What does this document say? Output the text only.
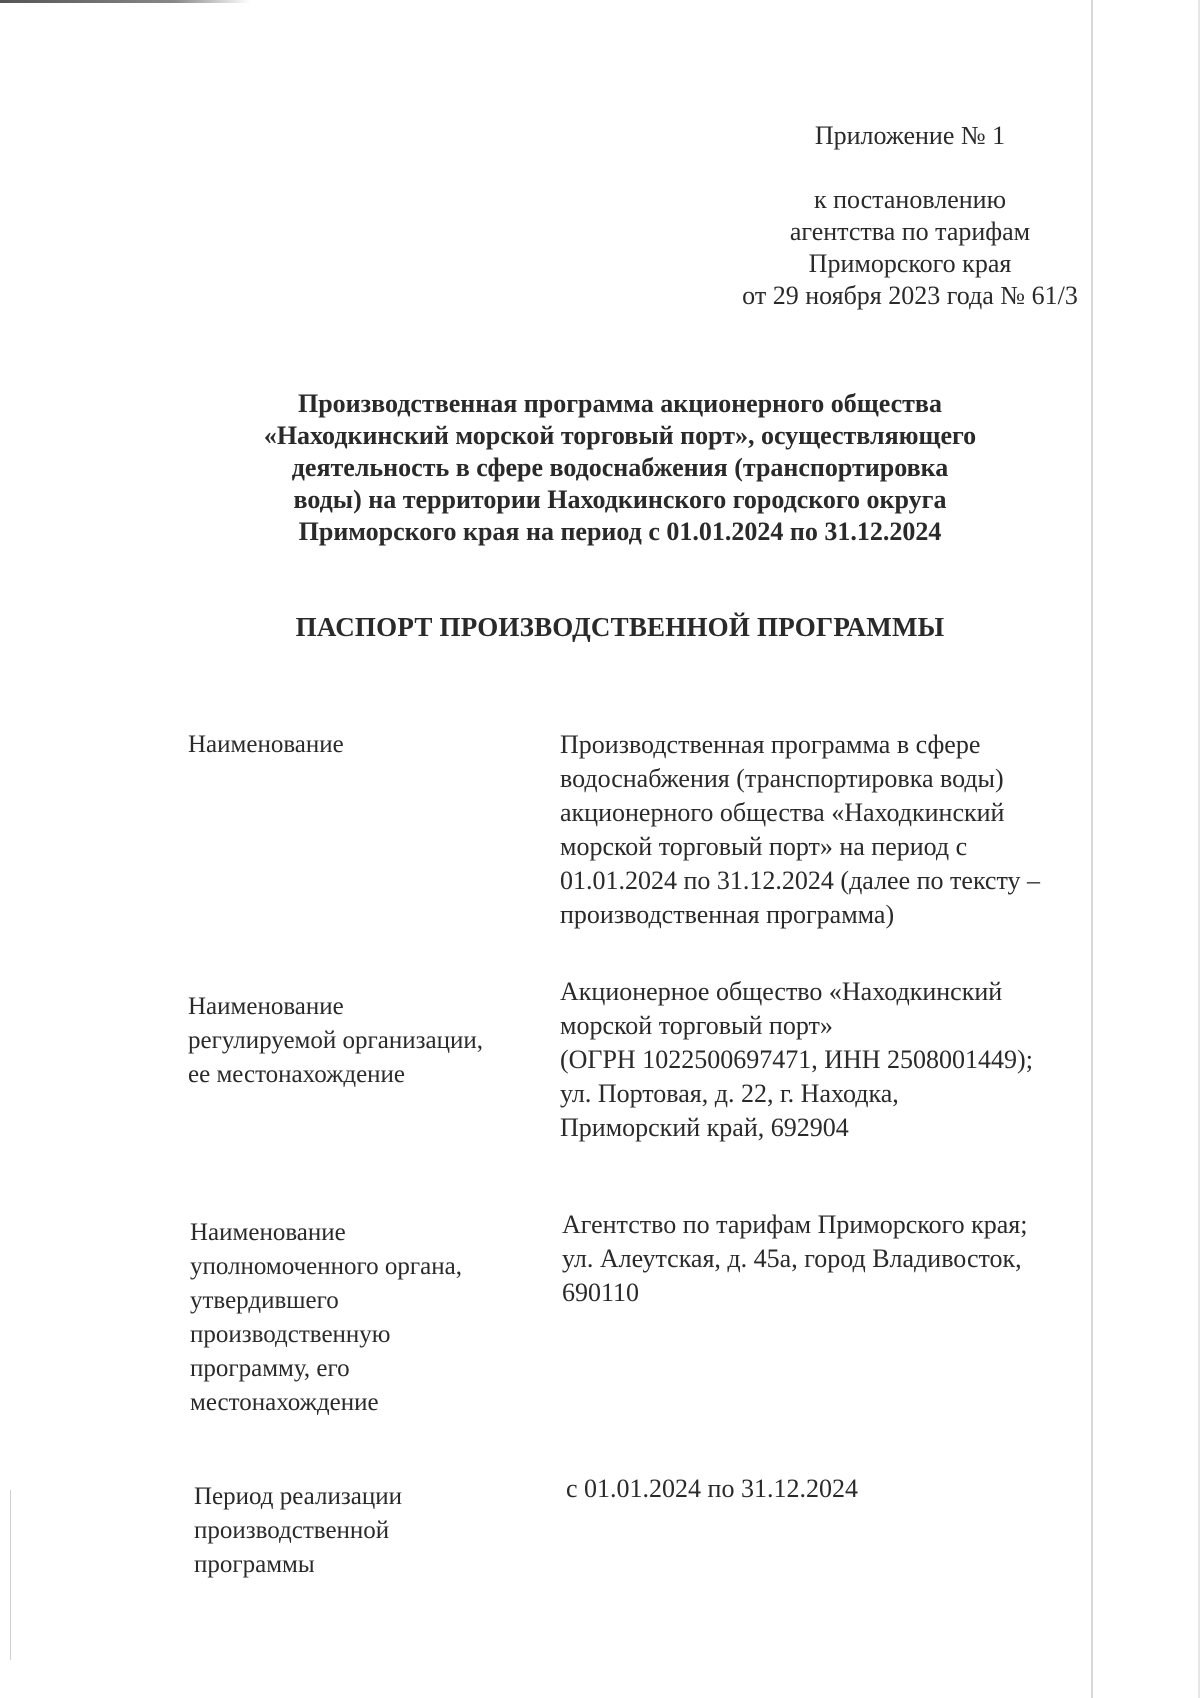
Приложение № 1
к постановлению
агентства по тарифам
Приморского края
от 29 ноября 2023 года № 61/3
Производственная программа акционерного общества
«Находкинский морской торговый порт», осуществляющего
деятельность в сфере водоснабжения (транспортировка
воды) на территории Находкинского городского округа
Приморского края на период с 01.01.2024 по 31.12.2024
ПАСПОРТ ПРОИЗВОДСТВЕННОЙ ПРОГРАММЫ
Наименование	Производственная программа в сфере
водоснабжения (транспортировка воды)
акционерного общества «Находкинский
морской торговый порт» на период с
01.01.2024 по 31.12.2024 (далее по тексту –
производственная программа)
Наименование
регулируемой организации,
ее местонахождение
Акционерное общество «Находкинский
морской торговый порт»
(ОГРН 1022500697471, ИНН 2508001449);
ул. Портовая, д. 22, г. Находка,
Приморский край, 692904
Наименование
уполномоченного органа,
утвердившего
производственную
программу, его
местонахождение
Агентство по тарифам Приморского края;
ул. Алеутская, д. 45а, город Владивосток,
690110
Период реализации
производственной
программы
с 01.01.2024 по 31.12.2024
